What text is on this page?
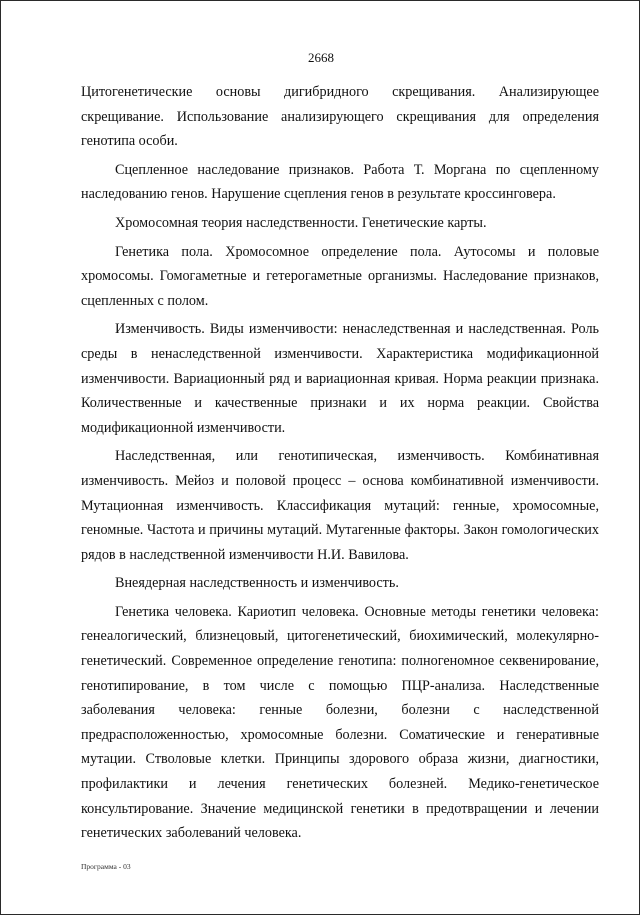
2668

Цитогенетические основы дигибридного скрещивания. Анализирующее скрещивание. Использование анализирующего скрещивания для определения генотипа особи.

Сцепленное наследование признаков. Работа Т. Моргана по сцепленному наследованию генов. Нарушение сцепления генов в результате кроссинговера.

Хромосомная теория наследственности. Генетические карты.

Генетика пола. Хромосомное определение пола. Аутосомы и половые хромосомы. Гомогаметные и гетерогаметные организмы. Наследование признаков, сцепленных с полом.

Изменчивость. Виды изменчивости: ненаследственная и наследственная. Роль среды в ненаследственной изменчивости. Характеристика модификационной изменчивости. Вариационный ряд и вариационная кривая. Норма реакции признака. Количественные и качественные признаки и их норма реакции. Свойства модификационной изменчивости.

Наследственная, или генотипическая, изменчивость. Комбинативная изменчивость. Мейоз и половой процесс – основа комбинативной изменчивости. Мутационная изменчивость. Классификация мутаций: генные, хромосомные, геномные. Частота и причины мутаций. Мутагенные факторы. Закон гомологических рядов в наследственной изменчивости Н.И. Вавилова.

Внеядерная наследственность и изменчивость.

Генетика человека. Кариотип человека. Основные методы генетики человека: генеалогический, близнецовый, цитогенетический, биохимический, молекулярно-генетический. Современное определение генотипа: полногеномное секвенирование, генотипирование, в том числе с помощью ПЦР-анализа. Наследственные заболевания человека: генные болезни, болезни с наследственной предрасположенностью, хромосомные болезни. Соматические и генеративные мутации. Стволовые клетки. Принципы здорового образа жизни, диагностики, профилактики и лечения генетических болезней. Медико-генетическое консультирование. Значение медицинской генетики в предотвращении и лечении генетических заболеваний человека.

Программа - 03
